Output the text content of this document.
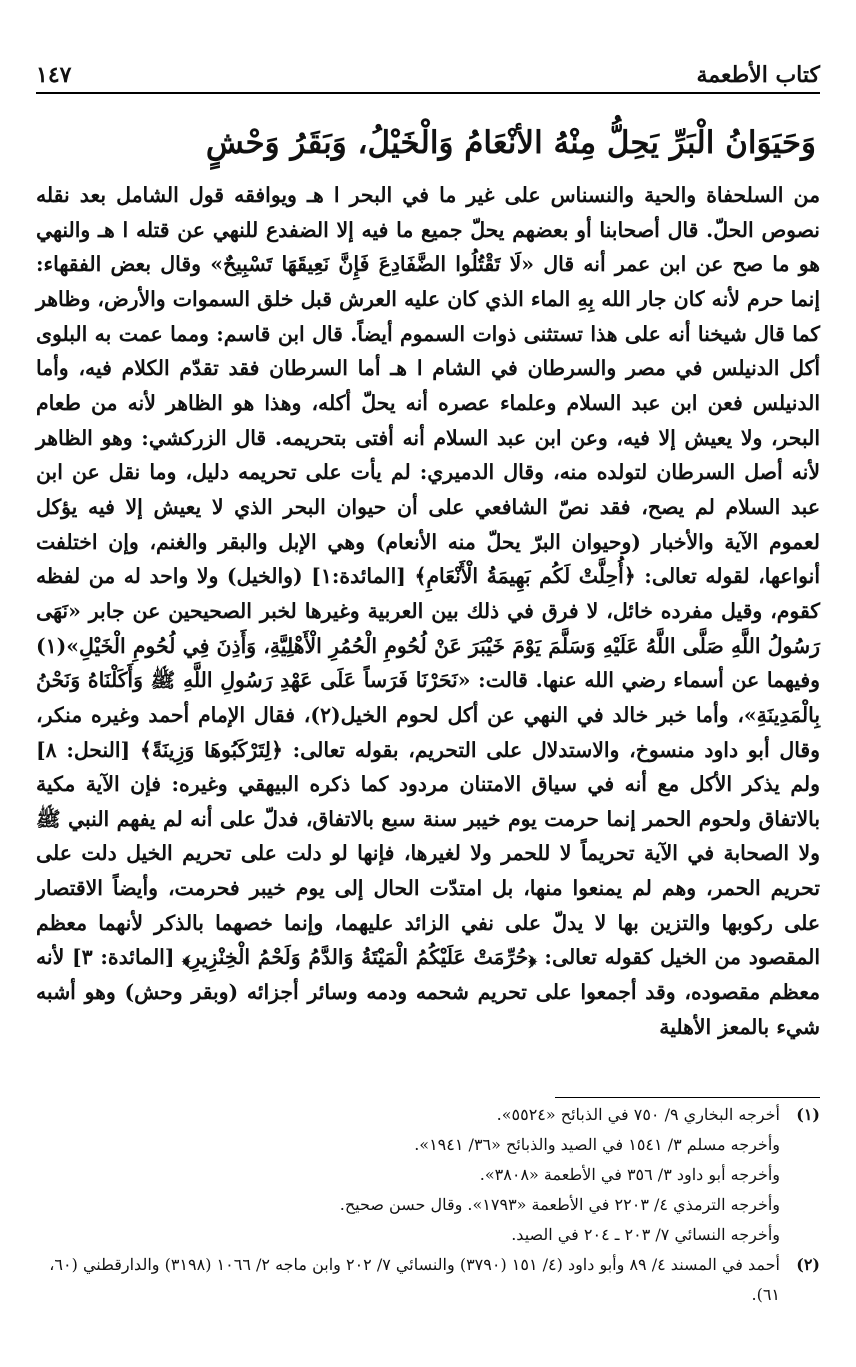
كتاب الأطعمة
١٤٧
وَحَيَوَانُ الْبَرِّ يَحِلُّ مِنْهُ الأنْعَامُ وَالْخَيْلُ، وَبَقَرُ وَحْشٍ

من السلحفاة والحية والنسناس على غير ما في البحر ا هـ ويوافقه قول الشامل بعد نقله نصوص الحلّ. قال أصحابنا أو بعضهم يحلّ جميع ما فيه إلا الضفدع للنهي عن قتله ا هـ والنهي هو ما صح عن ابن عمر أنه قال «لَا تَقْتُلُوا الضَّفَادِعَ فَإِنَّ نَعِيقَهَا تَسْبِيحٌ» وقال بعض الفقهاء: إنما حرم لأنه كان جار الله بِهِ الماء الذي كان عليه العرش قبل خلق السموات والأرض، وظاهر كما قال شيخنا أنه على هذا تستثنى ذوات السموم أيضاً. قال ابن قاسم: ومما عمت به البلوى أكل الدنيلس في مصر والسرطان في الشام ا هـ أما السرطان فقد تقدّم الكلام فيه، وأما الدنيلس فعن ابن عبد السلام وعلماء عصره أنه يحلّ أكله، وهذا هو الظاهر لأنه من طعام البحر، ولا يعيش إلا فيه، وعن ابن عبد السلام أنه أفتى بتحريمه. قال الزركشي: وهو الظاهر لأنه أصل السرطان لتولده منه، وقال الدميري: لم يأت على تحريمه دليل، وما نقل عن ابن عبد السلام لم يصح، فقد نصّ الشافعي على أن حيوان البحر الذي لا يعيش إلا فيه يؤكل لعموم الآية والأخبار (وحيوان البرّ يحلّ منه الأنعام) وهي الإبل والبقر والغنم، وإن اختلفت أنواعها، لقوله تعالى: ﴿أُحِلَّتْ لَكُم بَهِيمَةُ الْأَنْعَامِ﴾ [المائدة:١] (والخيل) ولا واحد له من لفظه كقوم، وقيل مفرده خائل، لا فرق في ذلك بين العربية وغيرها لخبر الصحيحين عن جابر «نَهَى رَسُولُ اللَّهِ صَلَّى اللَّهُ عَلَيْهِ وَسَلَّمَ يَوْمَ خَيْبَرَ عَنْ لُحُومِ الْحُمُرِ الْأَهْلِيَّةِ، وَأَذِنَ فِي لُحُومِ الْخَيْلِ»(١) وفيهما عن أسماء رضي الله عنها. قالت: «نَحَرْنَا فَرَساً عَلَى عَهْدِ رَسُولِ اللَّهِ ﷺ وَأَكَلْنَاهُ وَنَحْنُ بِالْمَدِينَةِ»، وأما خبر خالد في النهي عن أكل لحوم الخيل(٢)، فقال الإمام أحمد وغيره منكر، وقال أبو داود منسوخ، والاستدلال على التحريم، بقوله تعالى: ﴿لِتَرْكَبُوهَا وَزِينَةً﴾ [النحل: ٨] ولم يذكر الأكل مع أنه في سياق الامتنان مردود كما ذكره البيهقي وغيره: فإن الآية مكية بالاتفاق ولحوم الحمر إنما حرمت يوم خيبر سنة سبع بالاتفاق، فدلّ على أنه لم يفهم النبي ﷺ ولا الصحابة في الآية تحريماً لا للحمر ولا لغيرها، فإنها لو دلت على تحريم الخيل دلت على تحريم الحمر، وهم لم يمنعوا منها، بل امتدّت الحال إلى يوم خيبر فحرمت، وأيضاً الاقتصار على ركوبها والتزين بها لا يدلّ على نفي الزائد عليهما، وإنما خصهما بالذكر لأنهما معظم المقصود من الخيل كقوله تعالى: ﴿حُرِّمَتْ عَلَيْكُمُ الْمَيْتَةُ وَالدَّمُ وَلَحْمُ الْخِنْزِيرِ﴾ [المائدة: ٣] لأنه معظم مقصوده، وقد أجمعوا على تحريم شحمه ودمه وسائر أجزائه (وبقر وحش) وهو أشبه شيء بالمعز الأهلية

(١)
أخرجه البخاري ٩/ ٧٥٠ في الذبائح «٥٥٢٤».
وأخرجه مسلم ٣/ ١٥٤١ في الصيد والذبائح «٣٦/ ١٩٤١».
وأخرجه أبو داود ٣/ ٣٥٦ في الأطعمة «٣٨٠٨».
وأخرجه الترمذي ٤/ ٢٢٠٣ في الأطعمة «١٧٩٣». وقال حسن صحيح.
وأخرجه النسائي ٧/ ٢٠٣ ـ ٢٠٤ في الصيد.
(٢)
أحمد في المسند ٤/ ٨٩ وأبو داود (٤/ ١٥١ (٣٧٩٠) والنسائي ٧/ ٢٠٢ وابن ماجه ٢/ ١٠٦٦ (٣١٩٨) والدارقطني (٦٠، ٦١).
